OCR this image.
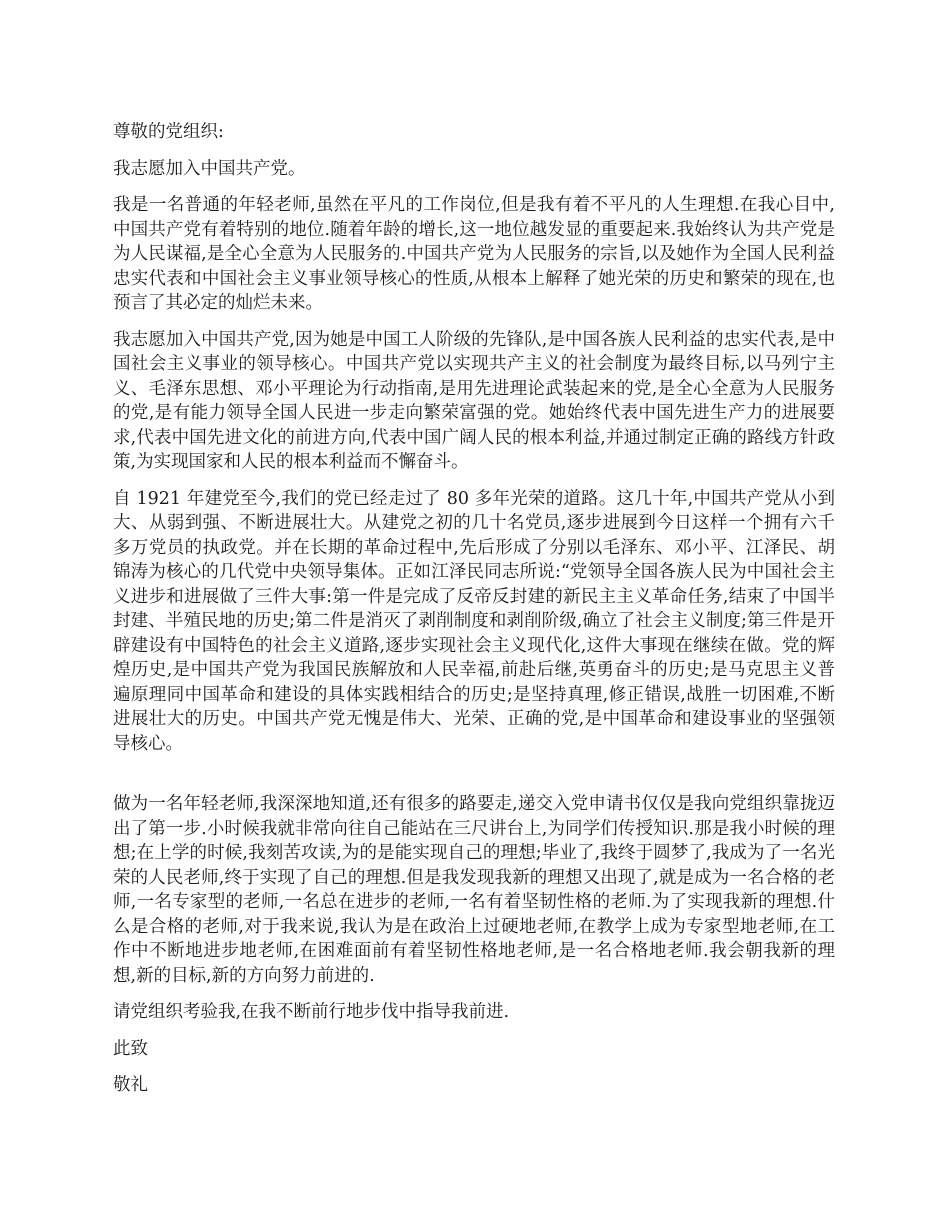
尊敬的党组织:

我志愿加入中国共产党。

我是一名普通的年轻老师,虽然在平凡的工作岗位,但是我有着不平凡的人生理想.在我心目中,中国共产党有着特别的地位.随着年龄的增长,这一地位越发显的重要起来.我始终认为共产党是为人民谋福,是全心全意为人民服务的.中国共产党为人民服务的宗旨,以及她作为全国人民利益忠实代表和中国社会主义事业领导核心的性质,从根本上解释了她光荣的历史和繁荣的现在,也预言了其必定的灿烂未来。

我志愿加入中国共产党,因为她是中国工人阶级的先锋队,是中国各族人民利益的忠实代表,是中国社会主义事业的领导核心。中国共产党以实现共产主义的社会制度为最终目标,以马列宁主义、毛泽东思想、邓小平理论为行动指南,是用先进理论武装起来的党,是全心全意为人民服务的党,是有能力领导全国人民进一步走向繁荣富强的党。她始终代表中国先进生产力的进展要求,代表中国先进文化的前进方向,代表中国广阔人民的根本利益,并通过制定正确的路线方针政策,为实现国家和人民的根本利益而不懈奋斗。

自 1921 年建党至今,我们的党已经走过了 80 多年光荣的道路。这几十年,中国共产党从小到大、从弱到强、不断进展壮大。从建党之初的几十名党员,逐步进展到今日这样一个拥有六千多万党员的执政党。并在长期的革命过程中,先后形成了分别以毛泽东、邓小平、江泽民、胡锦涛为核心的几代党中央领导集体。正如江泽民同志所说:“党领导全国各族人民为中国社会主义进步和进展做了三件大事:第一件是完成了反帝反封建的新民主主义革命任务,结束了中国半封建、半殖民地的历史;第二件是消灭了剥削制度和剥削阶级,确立了社会主义制度;第三件是开辟建设有中国特色的社会主义道路,逐步实现社会主义现代化,这件大事现在继续在做。党的辉煌历史,是中国共产党为我国民族解放和人民幸福,前赴后继,英勇奋斗的历史;是马克思主义普遍原理同中国革命和建设的具体实践相结合的历史;是坚持真理,修正错误,战胜一切困难,不断进展壮大的历史。中国共产党无愧是伟大、光荣、正确的党,是中国革命和建设事业的坚强领导核心。

做为一名年轻老师,我深深地知道,还有很多的路要走,递交入党申请书仅仅是我向党组织靠拢迈出了第一步.小时候我就非常向往自己能站在三尺讲台上,为同学们传授知识.那是我小时候的理想;在上学的时候,我刻苦攻读,为的是能实现自己的理想;毕业了,我终于圆梦了,我成为了一名光荣的人民老师,终于实现了自己的理想.但是我发现我新的理想又出现了,就是成为一名合格的老师,一名专家型的老师,一名总在进步的老师,一名有着坚韧性格的老师.为了实现我新的理想.什么是合格的老师,对于我来说,我认为是在政治上过硬地老师,在教学上成为专家型地老师,在工作中不断地进步地老师,在困难面前有着坚韧性格地老师,是一名合格地老师.我会朝我新的理想,新的目标,新的方向努力前进的.

请党组织考验我,在我不断前行地步伐中指导我前进.

此致

敬礼
